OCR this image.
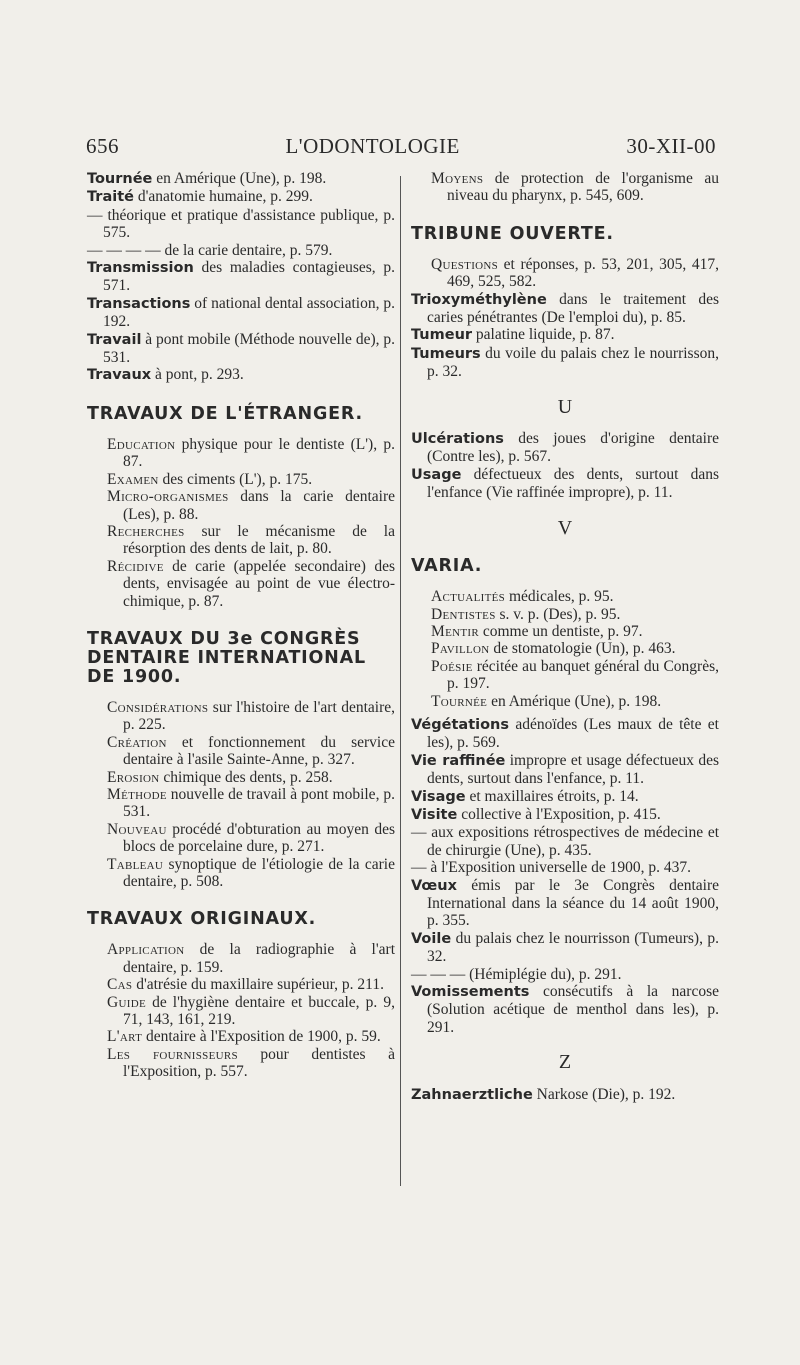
656	L'ODONTOLOGIE	30-XII-00

Tournée en Amérique (Une), p. 198.

Traité d'anatomie humaine, p. 299.

— théorique et pratique d'assistance publique, p. 575.

— — — — de la carie dentaire, p. 579.

Transmission des maladies contagieuses, p. 571.

Transactions of national dental association, p. 192.

Travail à pont mobile (Méthode nouvelle de), p. 531.

Travaux à pont, p. 293.

TRAVAUX DE L'ÉTRANGER.

Education physique pour le dentiste (L'), p. 87.

Examen des ciments (L'), p. 175.

Micro-organismes dans la carie dentaire (Les), p. 88.

Recherches sur le mécanisme de la résorption des dents de lait, p. 80.

Récidive de carie (appelée secondaire) des dents, envisagée au point de vue électro-chimique, p. 87.

TRAVAUX DU 3e CONGRÈS DENTAIRE INTERNATIONAL DE 1900.

Considérations sur l'histoire de l'art dentaire, p. 225.

Création et fonctionnement du service dentaire à l'asile Sainte-Anne, p. 327.

Erosion chimique des dents, p. 258.

Méthode nouvelle de travail à pont mobile, p. 531.

Nouveau procédé d'obturation au moyen des blocs de porcelaine dure, p. 271.

Tableau synoptique de l'étiologie de la carie dentaire, p. 508.

TRAVAUX ORIGINAUX.

Application de la radiographie à l'art dentaire, p. 159.

Cas d'atrésie du maxillaire supérieur, p. 211.

Guide de l'hygiène dentaire et buccale, p. 9, 71, 143, 161, 219.

L'art dentaire à l'Exposition de 1900, p. 59.

Les fournisseurs pour dentistes à l'Exposition, p. 557.

Moyens de protection de l'organisme au niveau du pharynx, p. 545, 609.

TRIBUNE OUVERTE.

Questions et réponses, p. 53, 201, 305, 417, 469, 525, 582.

Trioxyméthylène dans le traitement des caries pénétrantes (De l'emploi du), p. 85.

Tumeur palatine liquide, p. 87.

Tumeurs du voile du palais chez le nourrisson, p. 32.

U

Ulcérations des joues d'origine dentaire (Contre les), p. 567.

Usage défectueux des dents, surtout dans l'enfance (Vie raffinée impropre), p. 11.

V
VARIA.

Actualités médicales, p. 95.

Dentistes s. v. p. (Des), p. 95.

Mentir comme un dentiste, p. 97.

Pavillon de stomatologie (Un), p. 463.

Poésie récitée au banquet général du Congrès, p. 197.

Tournée en Amérique (Une), p. 198.

Végétations adénoïdes (Les maux de tête et les), p. 569.

Vie raffinée impropre et usage défectueux des dents, surtout dans l'enfance, p. 11.

Visage et maxillaires étroits, p. 14.

Visite collective à l'Exposition, p. 415.

— aux expositions rétrospectives de médecine et de chirurgie (Une), p. 435.

— à l'Exposition universelle de 1900, p. 437.

Vœux émis par le 3e Congrès dentaire International dans la séance du 14 août 1900, p. 355.

Voile du palais chez le nourrisson (Tumeurs), p. 32.

— — — (Hémiplégie du), p. 291.

Vomissements consécutifs à la narcose (Solution acétique de menthol dans les), p. 291.

Z

Zahnaerztliche Narkose (Die), p. 192.
